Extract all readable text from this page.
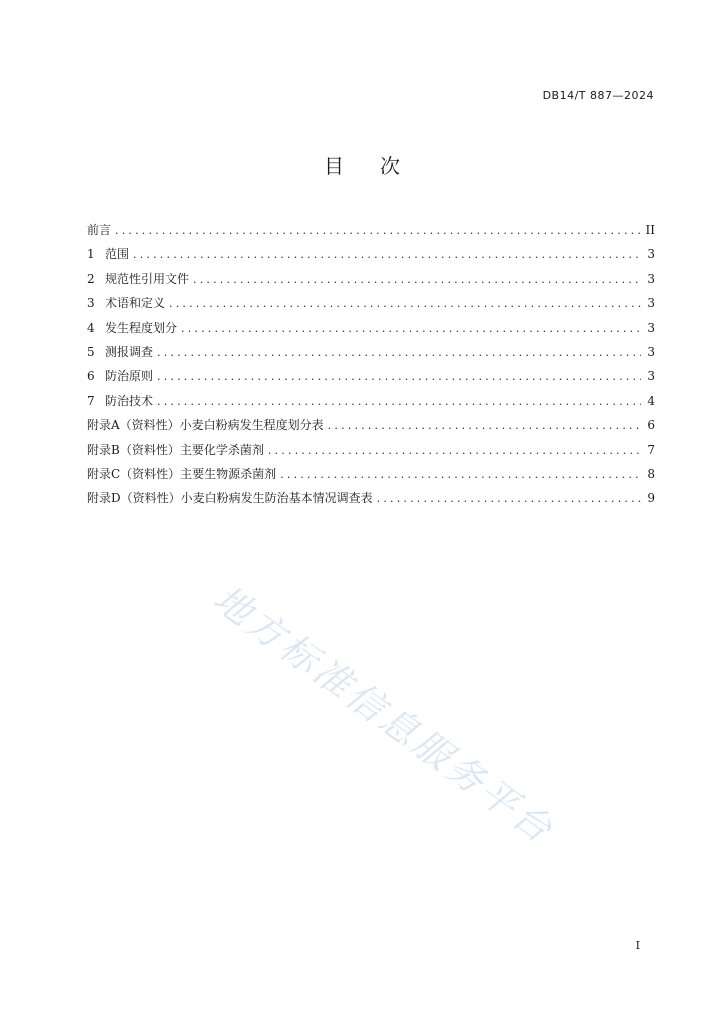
DB14/T 887—2024
目 次
前言 .....	II
1 范围 .....	3
2 规范性引用文件 .....	3
3 术语和定义 .....	3
4 发生程度划分 .....	3
5 测报调查 .....	3
6 防治原则 .....	3
7 防治技术 .....	4
附录A（资料性）小麦白粉病发生程度划分表 .....	6
附录B（资料性）主要化学杀菌剂 .....	7
附录C（资料性）主要生物源杀菌剂 .....	8
附录D（资料性）小麦白粉病发生防治基本情况调查表 .....	9
地方标准信息服务平台
I
